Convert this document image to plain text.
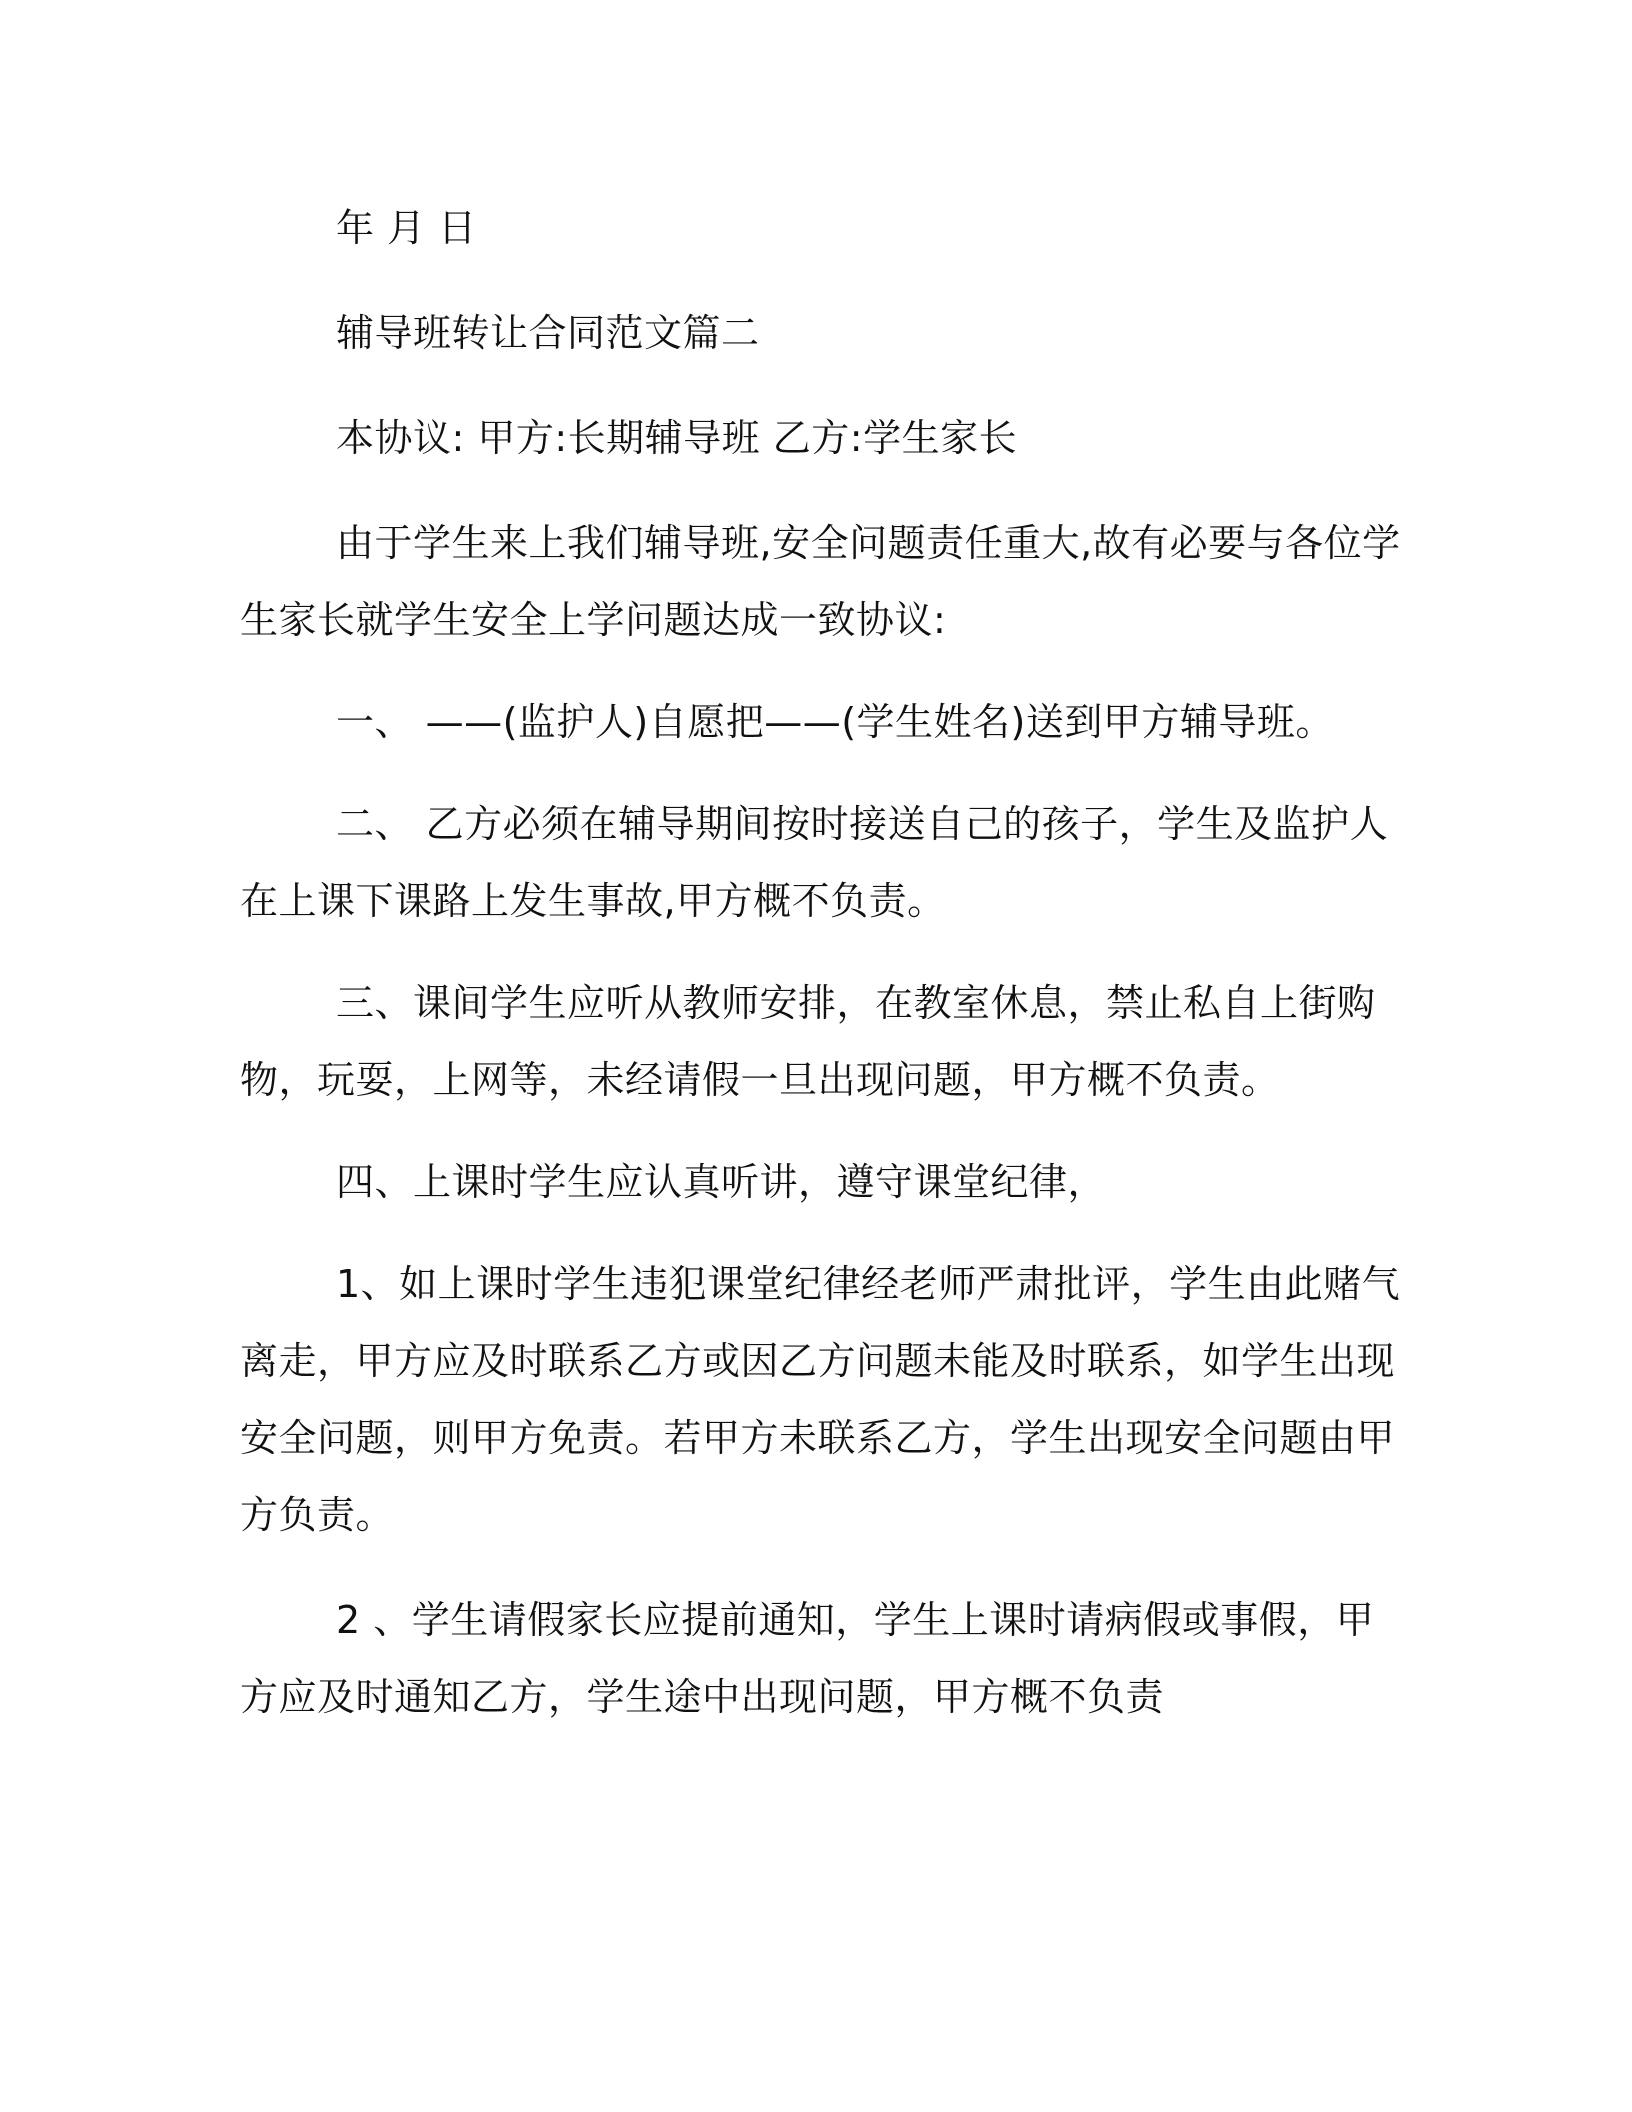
年 月 日

辅导班转让合同范文篇二

本协议: 甲方:长期辅导班 乙方:学生家长

由于学生来上我们辅导班,安全问题责任重大,故有必要与各位学生家长就学生安全上学问题达成一致协议:

一、 ——(监护人)自愿把——(学生姓名)送到甲方辅导班。

二、 乙方必须在辅导期间按时接送自己的孩子，学生及监护人在上课下课路上发生事故,甲方概不负责。

三、课间学生应听从教师安排，在教室休息，禁止私自上街购物，玩耍，上网等，未经请假一旦出现问题，甲方概不负责。

四、上课时学生应认真听讲，遵守课堂纪律，

1、如上课时学生违犯课堂纪律经老师严肃批评，学生由此赌气离走，甲方应及时联系乙方或因乙方问题未能及时联系，如学生出现安全问题，则甲方免责。若甲方未联系乙方，学生出现安全问题由甲方负责。

2 、学生请假家长应提前通知，学生上课时请病假或事假，甲方应及时通知乙方，学生途中出现问题，甲方概不负责
